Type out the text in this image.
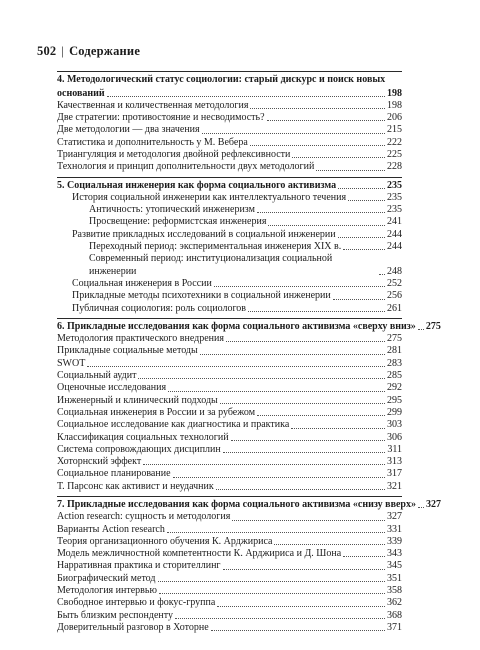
502 | Содержание
4. Методологический статус социологии: старый дискурс и поиск новых
оснований	198
Качественная и количественная методология	198
Две стратегии: противостояние и несводимость?	206
Две методологии — два значения	215
Статистика и дополнительность у М. Вебера	222
Триангуляция и методология двойной рефлексивности	225
Технология и принцип дополнительности двух методологий	228
5. Социальная инженерия как форма социального активизма	235
История социальной инженерии как интеллектуального течения	235
Античность: утопический инженеризм	235
Просвещение: реформистская инженерия	241
Развитие прикладных исследований в социальной инженерии	244
Переходный период: экспериментальная инженерия XIX в.	244
Современный период: институционализация социальной инженерии	248
Социальная инженерия в России	252
Прикладные методы психотехники в социальной инженерии	256
Публичная социология: роль социологов	261
6. Прикладные исследования как форма социального активизма «сверху вниз» 275
Методология практического внедрения	275
Прикладные социальные методы	281
SWOT	283
Социальный аудит	285
Оценочные исследования	292
Инженерный и клинический подходы	295
Социальная инженерия в России и за рубежом	299
Социальное исследование как диагностика и практика	303
Классификация социальных технологий	306
Система сопровождающих дисциплин	311
Хоторнский эффект	313
Социальное планирование	317
Т. Парсонс как активист и неудачник	321
7. Прикладные исследования как форма социального активизма «снизу вверх» 327
Action research: сущность и методология	327
Варианты Action research	331
Теория организационного обучения К. Арджириса	339
Модель межличностной компетентности К. Арджириса и Д. Шона	343
Нарративная практика и сторителлинг	345
Биографический метод	351
Методология интервью	358
Свободное интервью и фокус-группа	362
Быть близким респонденту	368
Доверительный разговор в Хоторне	371
